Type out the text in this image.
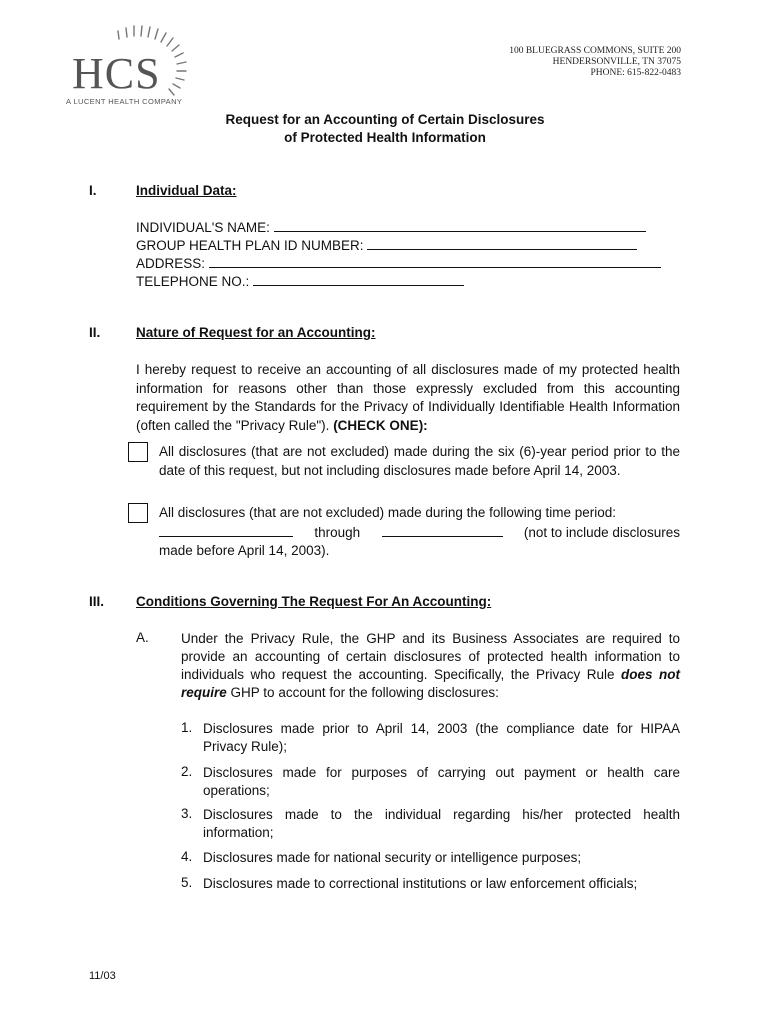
HCS
A LUCENT HEALTH COMPANY
100 BLUEGRASS COMMONS, SUITE 200
HENDERSONVILLE, TN 37075
PHONE: 615-822-0483
Request for an Accounting of Certain Disclosures
of Protected Health Information
I.	Individual Data:
INDIVIDUAL'S NAME:
GROUP HEALTH PLAN ID NUMBER:
ADDRESS:
TELEPHONE NO.:
II.	Nature of Request for an Accounting:
I hereby request to receive an accounting of all disclosures made of my protected health information for reasons other than those expressly excluded from this accounting requirement by the Standards for the Privacy of Individually Identifiable Health Information (often called the "Privacy Rule"). (CHECK ONE):
All disclosures (that are not excluded) made during the six (6)-year period prior to the date of this request, but not including disclosures made before April 14, 2003.
All disclosures (that are not excluded) made during the following time period:

through	(not to include disclosures
made before April 14, 2003).
III. Conditions Governing The Request For An Accounting:
A. Under the Privacy Rule, the GHP and its Business Associates are required to provide an accounting of certain disclosures of protected health information to individuals who request the accounting. Specifically, the Privacy Rule does not require GHP to account for the following disclosures:
1. Disclosures made prior to April 14, 2003 (the compliance date for HIPAA Privacy Rule);
2. Disclosures made for purposes of carrying out payment or health care operations;
3. Disclosures made to the individual regarding his/her protected health information;
4. Disclosures made for national security or intelligence purposes;
5. Disclosures made to correctional institutions or law enforcement officials;
11/03
